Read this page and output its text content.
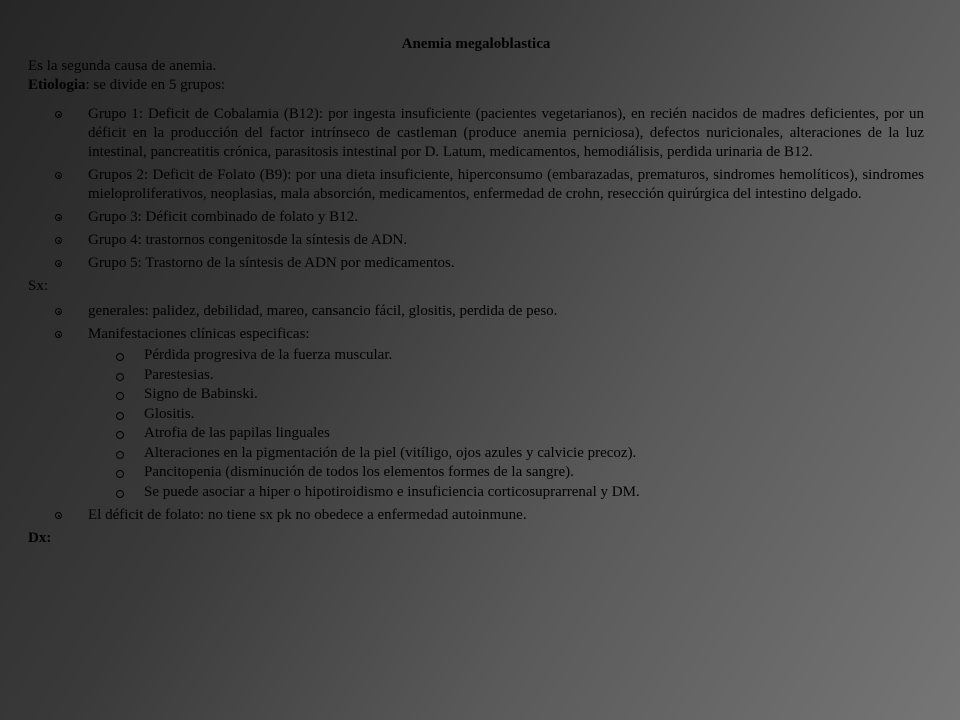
Anemia megaloblastica
Es la segunda causa de anemia.
Etiologia: se divide en 5 grupos:
Grupo 1: Deficit de Cobalamia (B12): por ingesta insuficiente (pacientes vegetarianos), en recién nacidos de madres deficientes, por un déficit en la producción del factor intrínseco de castleman (produce anemia perniciosa), defectos nuricionales, alteraciones de la luz intestinal, pancreatitis crónica, parasitosis intestinal por D. Latum, medicamentos, hemodiálisis, perdida urinaria de B12.
Grupos 2: Deficit de Folato (B9): por una dieta insuficiente, hiperconsumo (embarazadas, prematuros, sindromes hemolíticos), sindromes mieloproliferativos, neoplasias, mala absorción, medicamentos, enfermedad de crohn, resección quirúrgica del intestino delgado.
Grupo 3: Déficit combinado de folato y B12.
Grupo 4: trastornos congenitosde la síntesis de ADN.
Grupo 5: Trastorno de la síntesis de ADN por medicamentos.
Sx:
generales: palidez, debilidad, mareo, cansancio fácil, glositis, perdida de peso.
Manifestaciones clínicas especificas:
Pérdida progresiva de la fuerza muscular.
Parestesias.
Signo de Babinski.
Glositis.
Atrofia de las papilas linguales
Alteraciones en la pigmentación de la piel (vitíligo, ojos azules y calvicie precoz).
Pancitopenia (disminución de todos los elementos formes de la sangre).
Se puede asociar a hiper o hipotiroidismo e insuficiencia corticosuprarrenal y DM.
El déficit de folato: no tiene sx pk no obedece a enfermedad autoinmune.
Dx:
